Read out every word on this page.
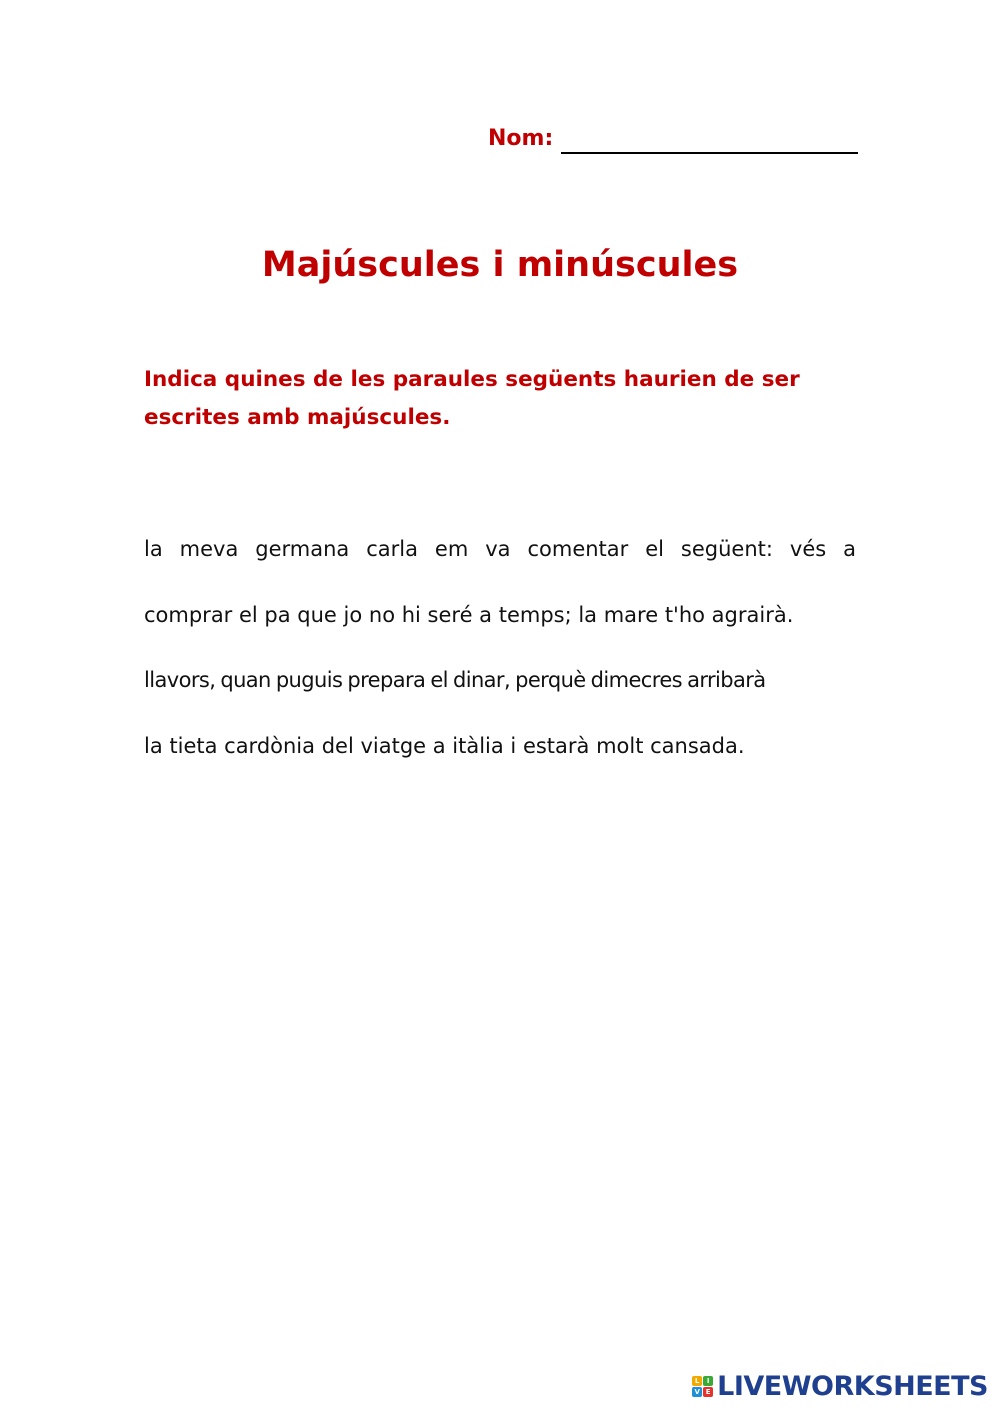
Nom:
Majúscules i minúscules

Indica quines de les paraules següents haurien de ser escrites amb majúscules.

la meva germana carla em va comentar el següent: vés a
comprar el pa que jo no hi seré a temps; la mare t'ho agrairà.
llavors, quan puguis prepara el dinar, perquè dimecres arribarà
la tieta cardònia del viatge a itàlia i estarà molt cansada.
L	I
V E LIVEWORKSHEETS
